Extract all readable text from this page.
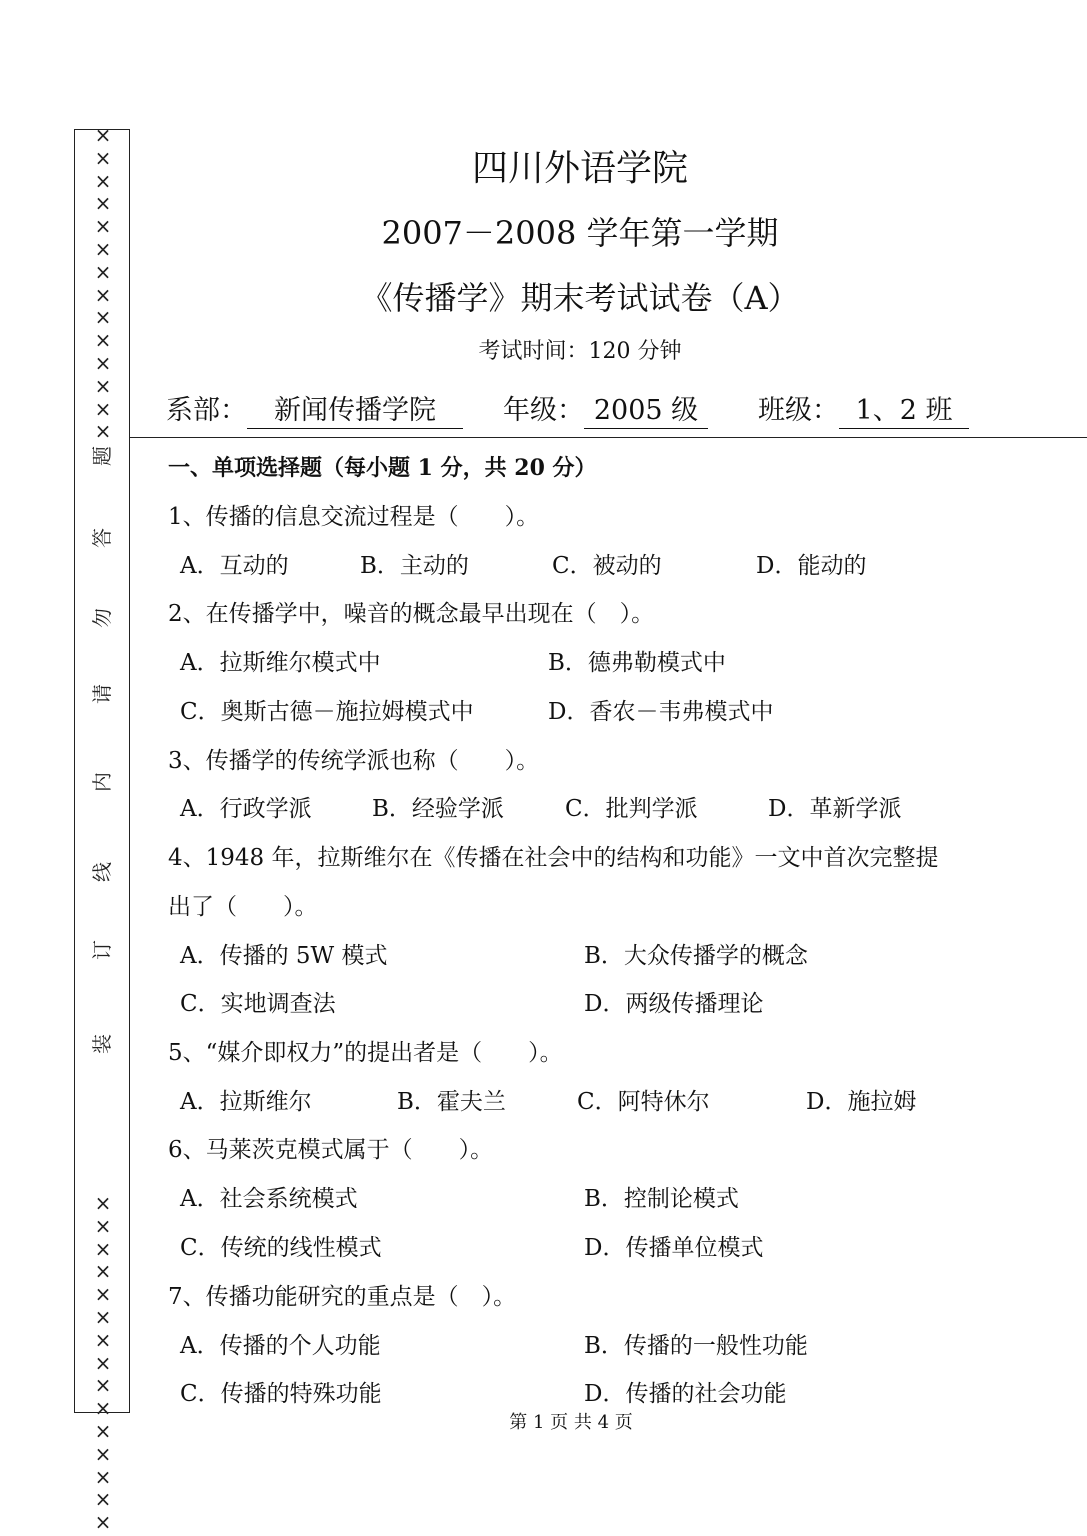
×
×
×
×
×
×
×
×
×
×
×
×
×
×
题
答
勿
请
内
线
订
装
×
×
×
×
×
×
×
×
×
×
×
×
×
×
×
四川外语学院
2007－2008 学年第一学期
《传播学》期末考试试卷（A）
考试时间：120 分钟
系部： 新闻传播学院	年级： 2005 级	班级： 1、2 班
一、单项选择题（每小题 1 分，共 20 分）
1、传播的信息交流过程是（　　）。
A．互动的	B．主动的	C．被动的	D．能动的
2、在传播学中，噪音的概念最早出现在（　）。
A．拉斯维尔模式中	B．德弗勒模式中
C．奥斯古德－施拉姆模式中	D．香农－韦弗模式中
3、传播学的传统学派也称（　　）。
A．行政学派	B．经验学派	C．批判学派	D．革新学派
4、1948 年，拉斯维尔在《传播在社会中的结构和功能》一文中首次完整提
出了（　　）。
A．传播的 5W 模式	B．大众传播学的概念
C．实地调查法	D．两级传播理论
5、“媒介即权力”的提出者是（　　）。
A．拉斯维尔	B．霍夫兰	C．阿特休尔	D．施拉姆
6、马莱茨克模式属于（　　）。
A．社会系统模式	B．控制论模式
C．传统的线性模式	D．传播单位模式
7、传播功能研究的重点是（　）。
A．传播的个人功能	B．传播的一般性功能
C．传播的特殊功能	D．传播的社会功能
第 1 页 共 4 页
